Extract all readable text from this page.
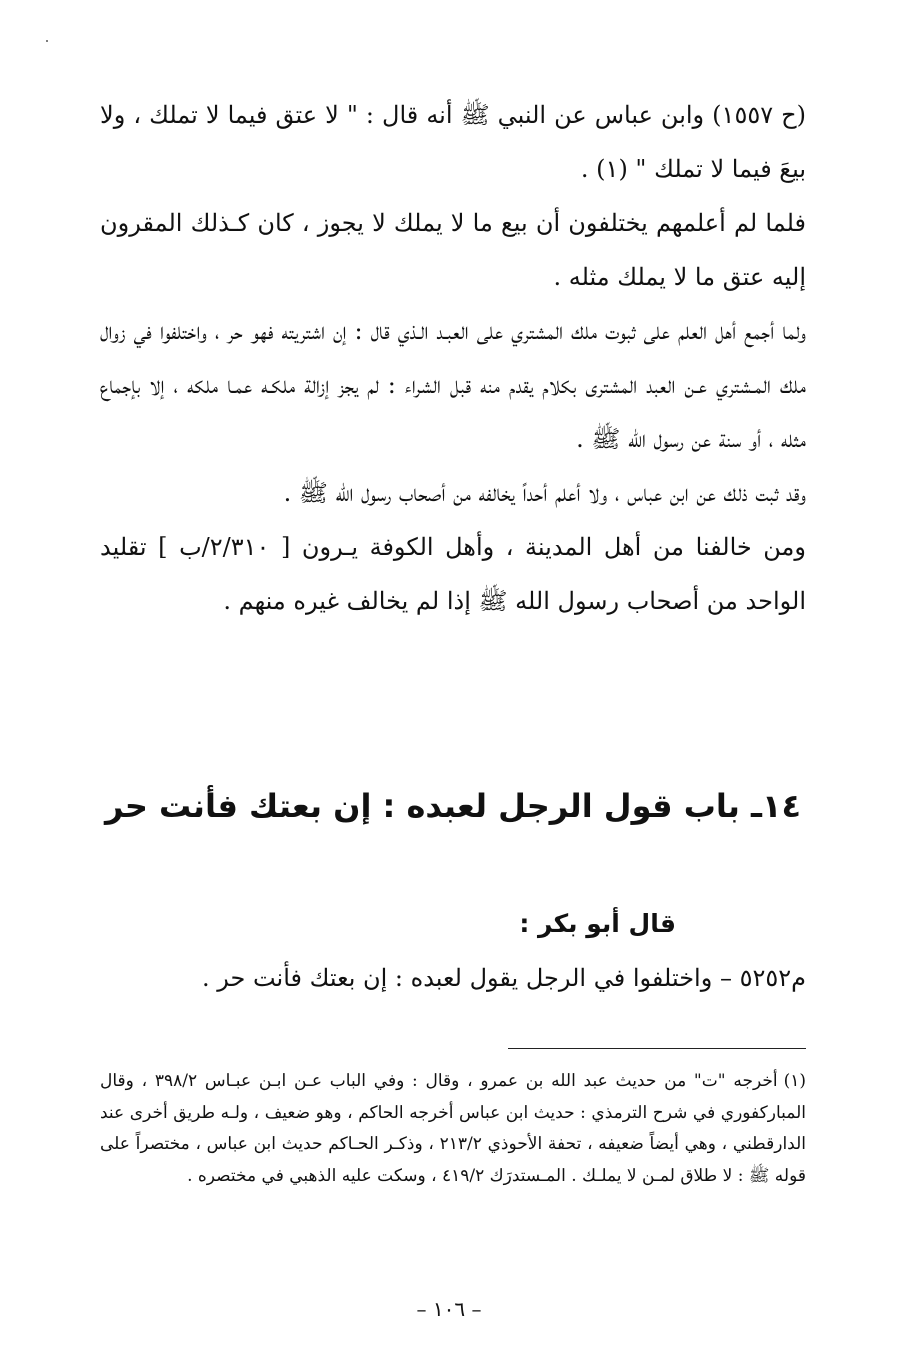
(ح ١٥٥٧) وابن عباس عن النبي ﷺ أنه قال : " لا عتق فيما لا تملك ، ولا بيعَ فيما لا تملك " (١) .

فلما لم أعلمهم يختلفون أن بيع ما لا يملك لا يجوز ، كان كـذلك المقرون إليه عتق ما لا يملك مثله .

ولما أجمع أهل العلم على ثبوت ملك المشتري على العبـد الـذي قال : إن اشتريته فهو حر ، واختلفوا في زوال ملك المـشتري عـن العبد المشترى بكلام يقدم منه قبل الشراء : لم يجز إزالة ملكـه عمـا ملكه ، إلا بإجماع مثله ، أو سنة عن رسول الله ﷺ .

وقد ثبت ذلك عن ابن عباس ، ولا أعلم أحداً يخالفه من أصحاب رسول الله ﷺ .

ومن خالفنا من أهل المدينة ، وأهل الكوفة يـرون [ ٢/٣١٠/ب ] تقليد الواحد من أصحاب رسول الله ﷺ إذا لم يخالف غيره منهم .

١٤ـ باب قول الرجل لعبده : إن بعتك فأنت حر

قال أبو بكر :

م٥٢٥٢ – واختلفوا في الرجل يقول لعبده : إن بعتك فأنت حر .

(١)أخرجه "ت" من حديث عبد الله بن عمرو ، وقال : وفي الباب عـن ابـن عبـاس ٣٩٨/٢ ، وقال المباركفوري في شرح الترمذي : حديث ابن عباس أخرجه الحاكم ، وهو ضعيف ، ولـه طريق أخرى عند الدارقطني ، وهي أيضاً ضعيفه ، تحفة الأحوذي ٢١٣/٢ ، وذكـر الحـاكم حديث ابن عباس ، مختصراً على قوله ﷺ : لا طلاق لمـن لا يملـك . المـستدرَك ٤١٩/٢ ، وسكت عليه الذهبي في مختصره .

– ١٠٦ –
